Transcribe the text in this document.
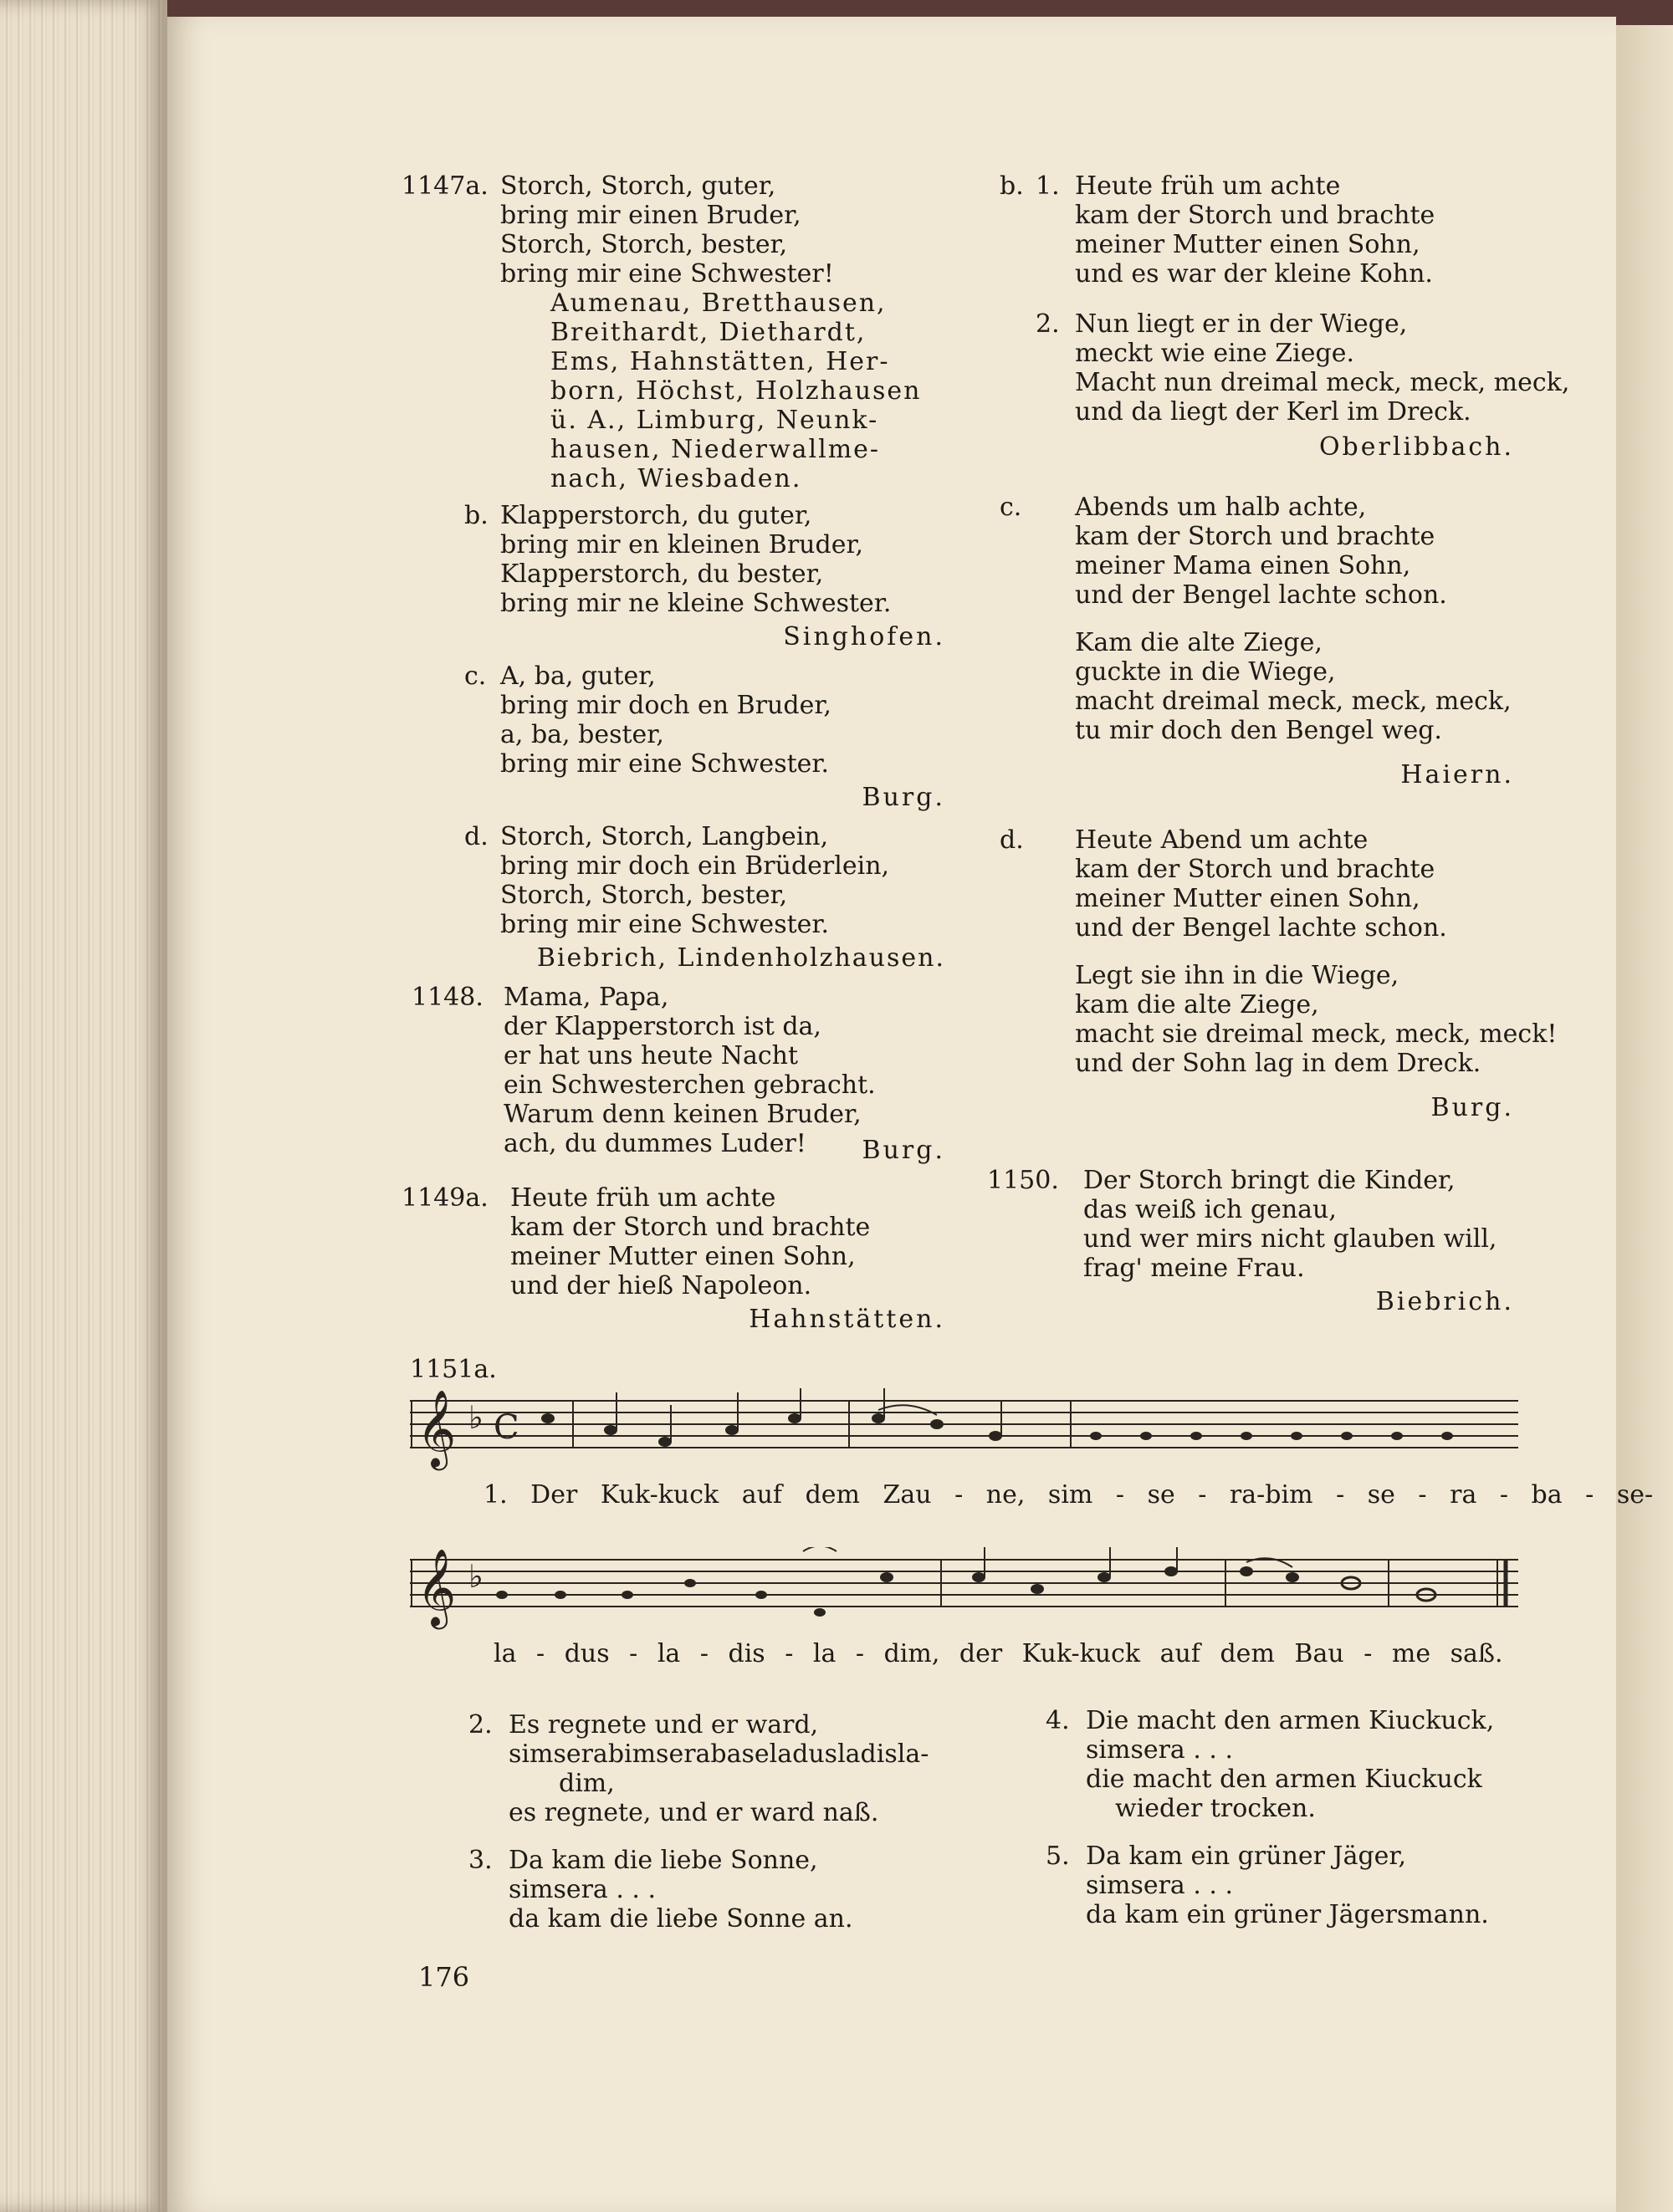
1147a. Storch, Storch, guter,
bring mir einen Bruder,
Storch, Storch, bester,
bring mir eine Schwester!
Aumenau, Bretthausen,
Breithardt, Diethardt,
Ems, Hahnstätten, Her-
born, Höchst, Holzhausen
ü. A., Limburg, Neunk-
hausen, Niederwallme-
nach, Wiesbaden.
b. Klapperstorch, du guter,
bring mir en kleinen Bruder,
Klapperstorch, du bester,
bring mir ne kleine Schwester.
Singhofen.
c. A, ba, guter,
bring mir doch en Bruder,
a, ba, bester,
bring mir eine Schwester.
Burg.
d. Storch, Storch, Langbein,
bring mir doch ein Brüderlein,
Storch, Storch, bester,
bring mir eine Schwester.
Biebrich, Lindenholzhausen.
1148. Mama, Papa,
der Klapperstorch ist da,
er hat uns heute Nacht
ein Schwesterchen gebracht.
Warum denn keinen Bruder,
ach, du dummes Luder!	Burg.
1149a. Heute früh um achte
kam der Storch und brachte
meiner Mutter einen Sohn,
und der hieß Napoleon.
Hahnstätten.
b. 1. Heute früh um achte
kam der Storch und brachte
meiner Mutter einen Sohn,
und es war der kleine Kohn.
2. Nun liegt er in der Wiege,
meckt wie eine Ziege.
Macht nun dreimal meck, meck, meck,
und da liegt der Kerl im Dreck.
Oberlibbach.
c. Abends um halb achte,
kam der Storch und brachte
meiner Mama einen Sohn,
und der Bengel lachte schon.
Kam die alte Ziege,
guckte in die Wiege,
macht dreimal meck, meck, meck,
tu mir doch den Bengel weg.
Haiern.
d. Heute Abend um achte
kam der Storch und brachte
meiner Mutter einen Sohn,
und der Bengel lachte schon.
Legt sie ihn in die Wiege,
kam die alte Ziege,
macht sie dreimal meck, meck, meck!
und der Sohn lag in dem Dreck.
Burg.
1150. Der Storch bringt die Kinder,
das weiß ich genau,
und wer mirs nicht glauben will,
frag' meine Frau.
Biebrich.
1151a.
𝄞 ♭ C
1. Der Kuk-kuck auf dem Zau - ne, sim - se - ra-bim - se - ra - ba - se-
𝄞 ♭
la - dus - la - dis - la - dim, der Kuk-kuck auf dem Bau - me saß.
2. Es regnete und er ward,
simserabimserabaseladusladisla-
dim,
es regnete, und er ward naß.
3. Da kam die liebe Sonne,
simsera . . .
da kam die liebe Sonne an.
4. Die macht den armen Kiuckuck,
simsera . . .
die macht den armen Kiuckuck
wieder trocken.
5. Da kam ein grüner Jäger,
simsera . . .
da kam ein grüner Jägersmann.
176
